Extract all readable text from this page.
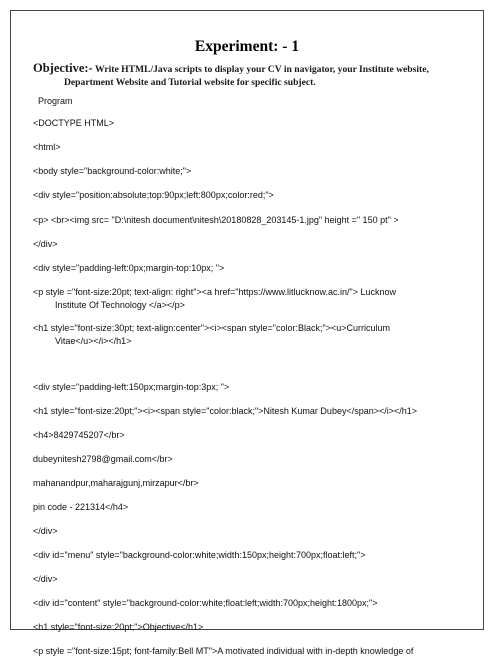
Experiment: - 1
Objective:- Write HTML/Java scripts to display your CV in navigator, your Institute website,
Department Website and Tutorial website for specific subject.
Program
<DOCTYPE HTML>
<html>
<body style="background-color:white;">
<div style="position:absolute;top:90px;left:800px;color:red;">
<p> <br><img src= "D:\nitesh document\nitesh\20180828_203145-1.jpg" height =" 150 pt" >
</div>
<div style="padding-left:0px;margin-top:10px; ">
<p style ="font-size:20pt; text-align: right"><a href="https://www.litlucknow.ac.in/"> Lucknow
Institute Of Technology </a></p>
<h1 style="font-size:30pt; text-align:center"><i><span style="color:Black;"><u>Curriculum
Vitae</u></i></h1>
<div style="padding-left:150px;margin-top:3px; ">
<h1 style="font-size:20pt;"><i><span style="color:black;">Nitesh Kumar Dubey</span></i></h1>
<h4>8429745207</br>
dubeynitesh2798@gmail.com</br>
mahanandpur,maharajgunj,mirzapur</br>
pin code - 221314</h4>
</div>
<div id="menu" style="background-color:white;width:150px;height:700px;float:left;">
</div>
<div id="content" style="background-color:white;float:left;width:700px;height:1800px;">
<h1 style="font-size:20pt;">Objective</h1>
<p style ="font-size:15pt; font-family:Bell MT">A motivated individual with in-depth knowledge of
